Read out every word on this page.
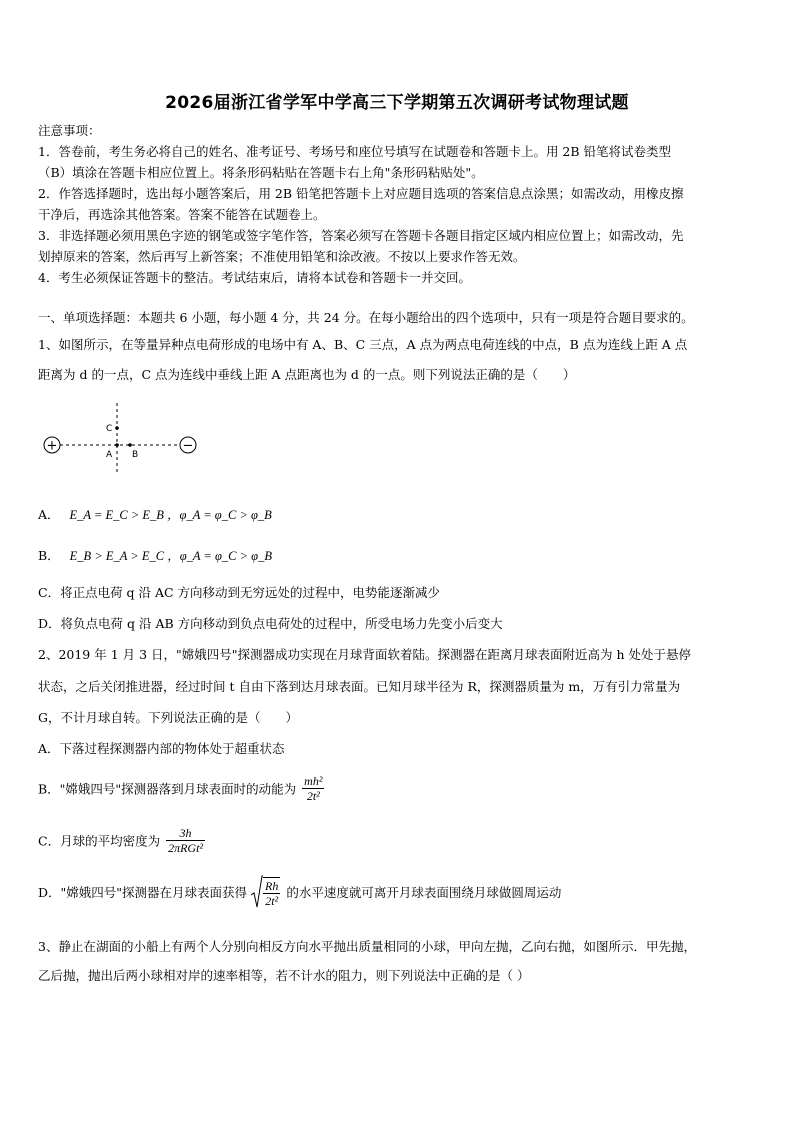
2026届浙江省学军中学高三下学期第五次调研考试物理试题
注意事项：
1．答卷前，考生务必将自己的姓名、准考证号、考场号和座位号填写在试题卷和答题卡上。用 2B 铅笔将试卷类型
（B）填涂在答题卡相应位置上。将条形码粘贴在答题卡右上角"条形码粘贴处"。
2．作答选择题时，选出每小题答案后，用 2B 铅笔把答题卡上对应题目选项的答案信息点涂黑；如需改动，用橡皮擦
干净后，再选涂其他答案。答案不能答在试题卷上。
3．非选择题必须用黑色字迹的钢笔或签字笔作答，答案必须写在答题卡各题目指定区域内相应位置上；如需改动，先
划掉原来的答案，然后再写上新答案；不准使用铅笔和涂改液。不按以上要求作答无效。
4．考生必须保证答题卡的整洁。考试结束后，请将本试卷和答题卡一并交回。
一、单项选择题：本题共 6 小题，每小题 4 分，共 24 分。在每小题给出的四个选项中，只有一项是符合题目要求的。
1、如图所示，在等量异种点电荷形成的电场中有 A、B、C 三点，A 点为两点电荷连线的中点，B 点为连线上距 A 点
距离为 d 的一点，C 点为连线中垂线上距 A 点距离也为 d 的一点。则下列说法正确的是（　　）
+	−
A B
C
A． E_A = E_C > E_B ，φ_A = φ_C > φ_B
B． E_B > E_A > E_C ，φ_A = φ_C > φ_B
C．将正点电荷 q 沿 AC 方向移动到无穷远处的过程中，电势能逐渐减少
D．将负点电荷 q 沿 AB 方向移动到负点电荷处的过程中，所受电场力先变小后变大
2、2019 年 1 月 3 日，"嫦娥四号"探测器成功实现在月球背面软着陆。探测器在距离月球表面附近高为 h 处处于悬停
状态，之后关闭推进器，经过时间 t 自由下落到达月球表面。已知月球半径为 R，探测器质量为 m，万有引力常量为
G，不计月球自转。下列说法正确的是（　　）
A．下落过程探测器内部的物体处于超重状态
B．"嫦娥四号"探测器落到月球表面时的动能为 $\frac{\text{mh²}}{\text{2t²}}$
C．月球的平均密度为 $\frac{3h}{\text{2πRGt²}}$
D．"嫦娥四号"探测器在月球表面获得 $\frac{Rh}{\text{2t²}}$ 的水平速度就可离开月球表面围绕月球做圆周运动
3、静止在湖面的小船上有两个人分别向相反方向水平抛出质量相同的小球，甲向左抛，乙向右抛，如图所示．甲先抛，
乙后抛，抛出后两小球相对岸的速率相等，若不计水的阻力，则下列说法中正确的是（ ）
